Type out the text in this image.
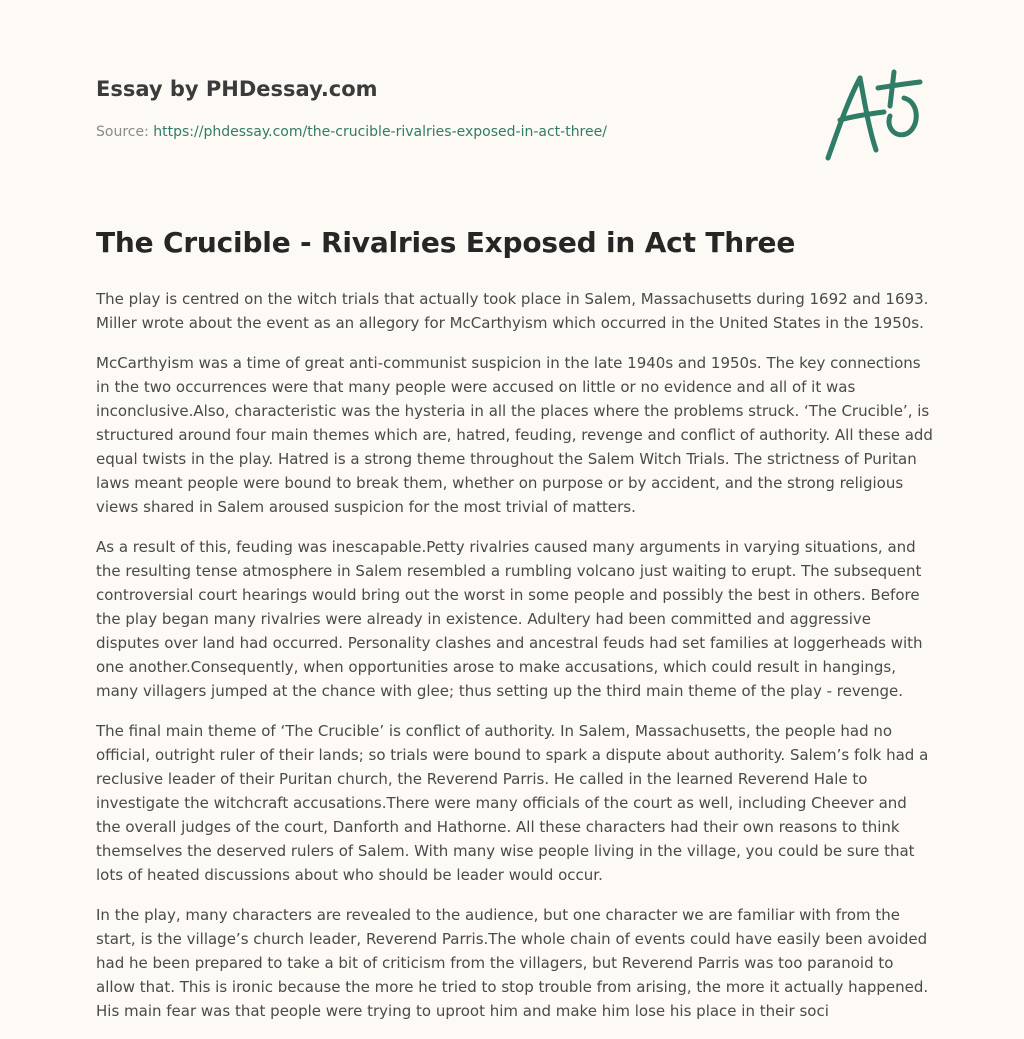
Essay by PHDessay.com
Source: https://phdessay.com/the-crucible-rivalries-exposed-in-act-three/
The Crucible - Rivalries Exposed in Act Three

The play is centred on the witch trials that actually took place in Salem, Massachusetts during 1692 and 1693. Miller wrote about the event as an allegory for McCarthyism which occurred in the United States in the 1950s.

McCarthyism was a time of great anti-communist suspicion in the late 1940s and 1950s. The key connections in the two occurrences were that many people were accused on little or no evidence and all of it was inconclusive.Also, characteristic was the hysteria in all the places where the problems struck. ‘The Crucible’, is structured around four main themes which are, hatred, feuding, revenge and conflict of authority. All these add equal twists in the play. Hatred is a strong theme throughout the Salem Witch Trials. The strictness of Puritan laws meant people were bound to break them, whether on purpose or by accident, and the strong religious views shared in Salem aroused suspicion for the most trivial of matters.

As a result of this, feuding was inescapable.Petty rivalries caused many arguments in varying situations, and the resulting tense atmosphere in Salem resembled a rumbling volcano just waiting to erupt. The subsequent controversial court hearings would bring out the worst in some people and possibly the best in others. Before the play began many rivalries were already in existence. Adultery had been committed and aggressive disputes over land had occurred. Personality clashes and ancestral feuds had set families at loggerheads with one another.Consequently, when opportunities arose to make accusations, which could result in hangings, many villagers jumped at the chance with glee; thus setting up the third main theme of the play - revenge.

The final main theme of ‘The Crucible’ is conflict of authority. In Salem, Massachusetts, the people had no official, outright ruler of their lands; so trials were bound to spark a dispute about authority. Salem’s folk had a reclusive leader of their Puritan church, the Reverend Parris. He called in the learned Reverend Hale to investigate the witchcraft accusations.There were many officials of the court as well, including Cheever and the overall judges of the court, Danforth and Hathorne. All these characters had their own reasons to think themselves the deserved rulers of Salem. With many wise people living in the village, you could be sure that lots of heated discussions about who should be leader would occur.

In the play, many characters are revealed to the audience, but one character we are familiar with from the start, is the village’s church leader, Reverend Parris.The whole chain of events could have easily been avoided had he been prepared to take a bit of criticism from the villagers, but Reverend Parris was too paranoid to allow that. This is ironic because the more he tried to stop trouble from arising, the more it actually happened. His main fear was that people were trying to uproot him and make him lose his place in their soci
